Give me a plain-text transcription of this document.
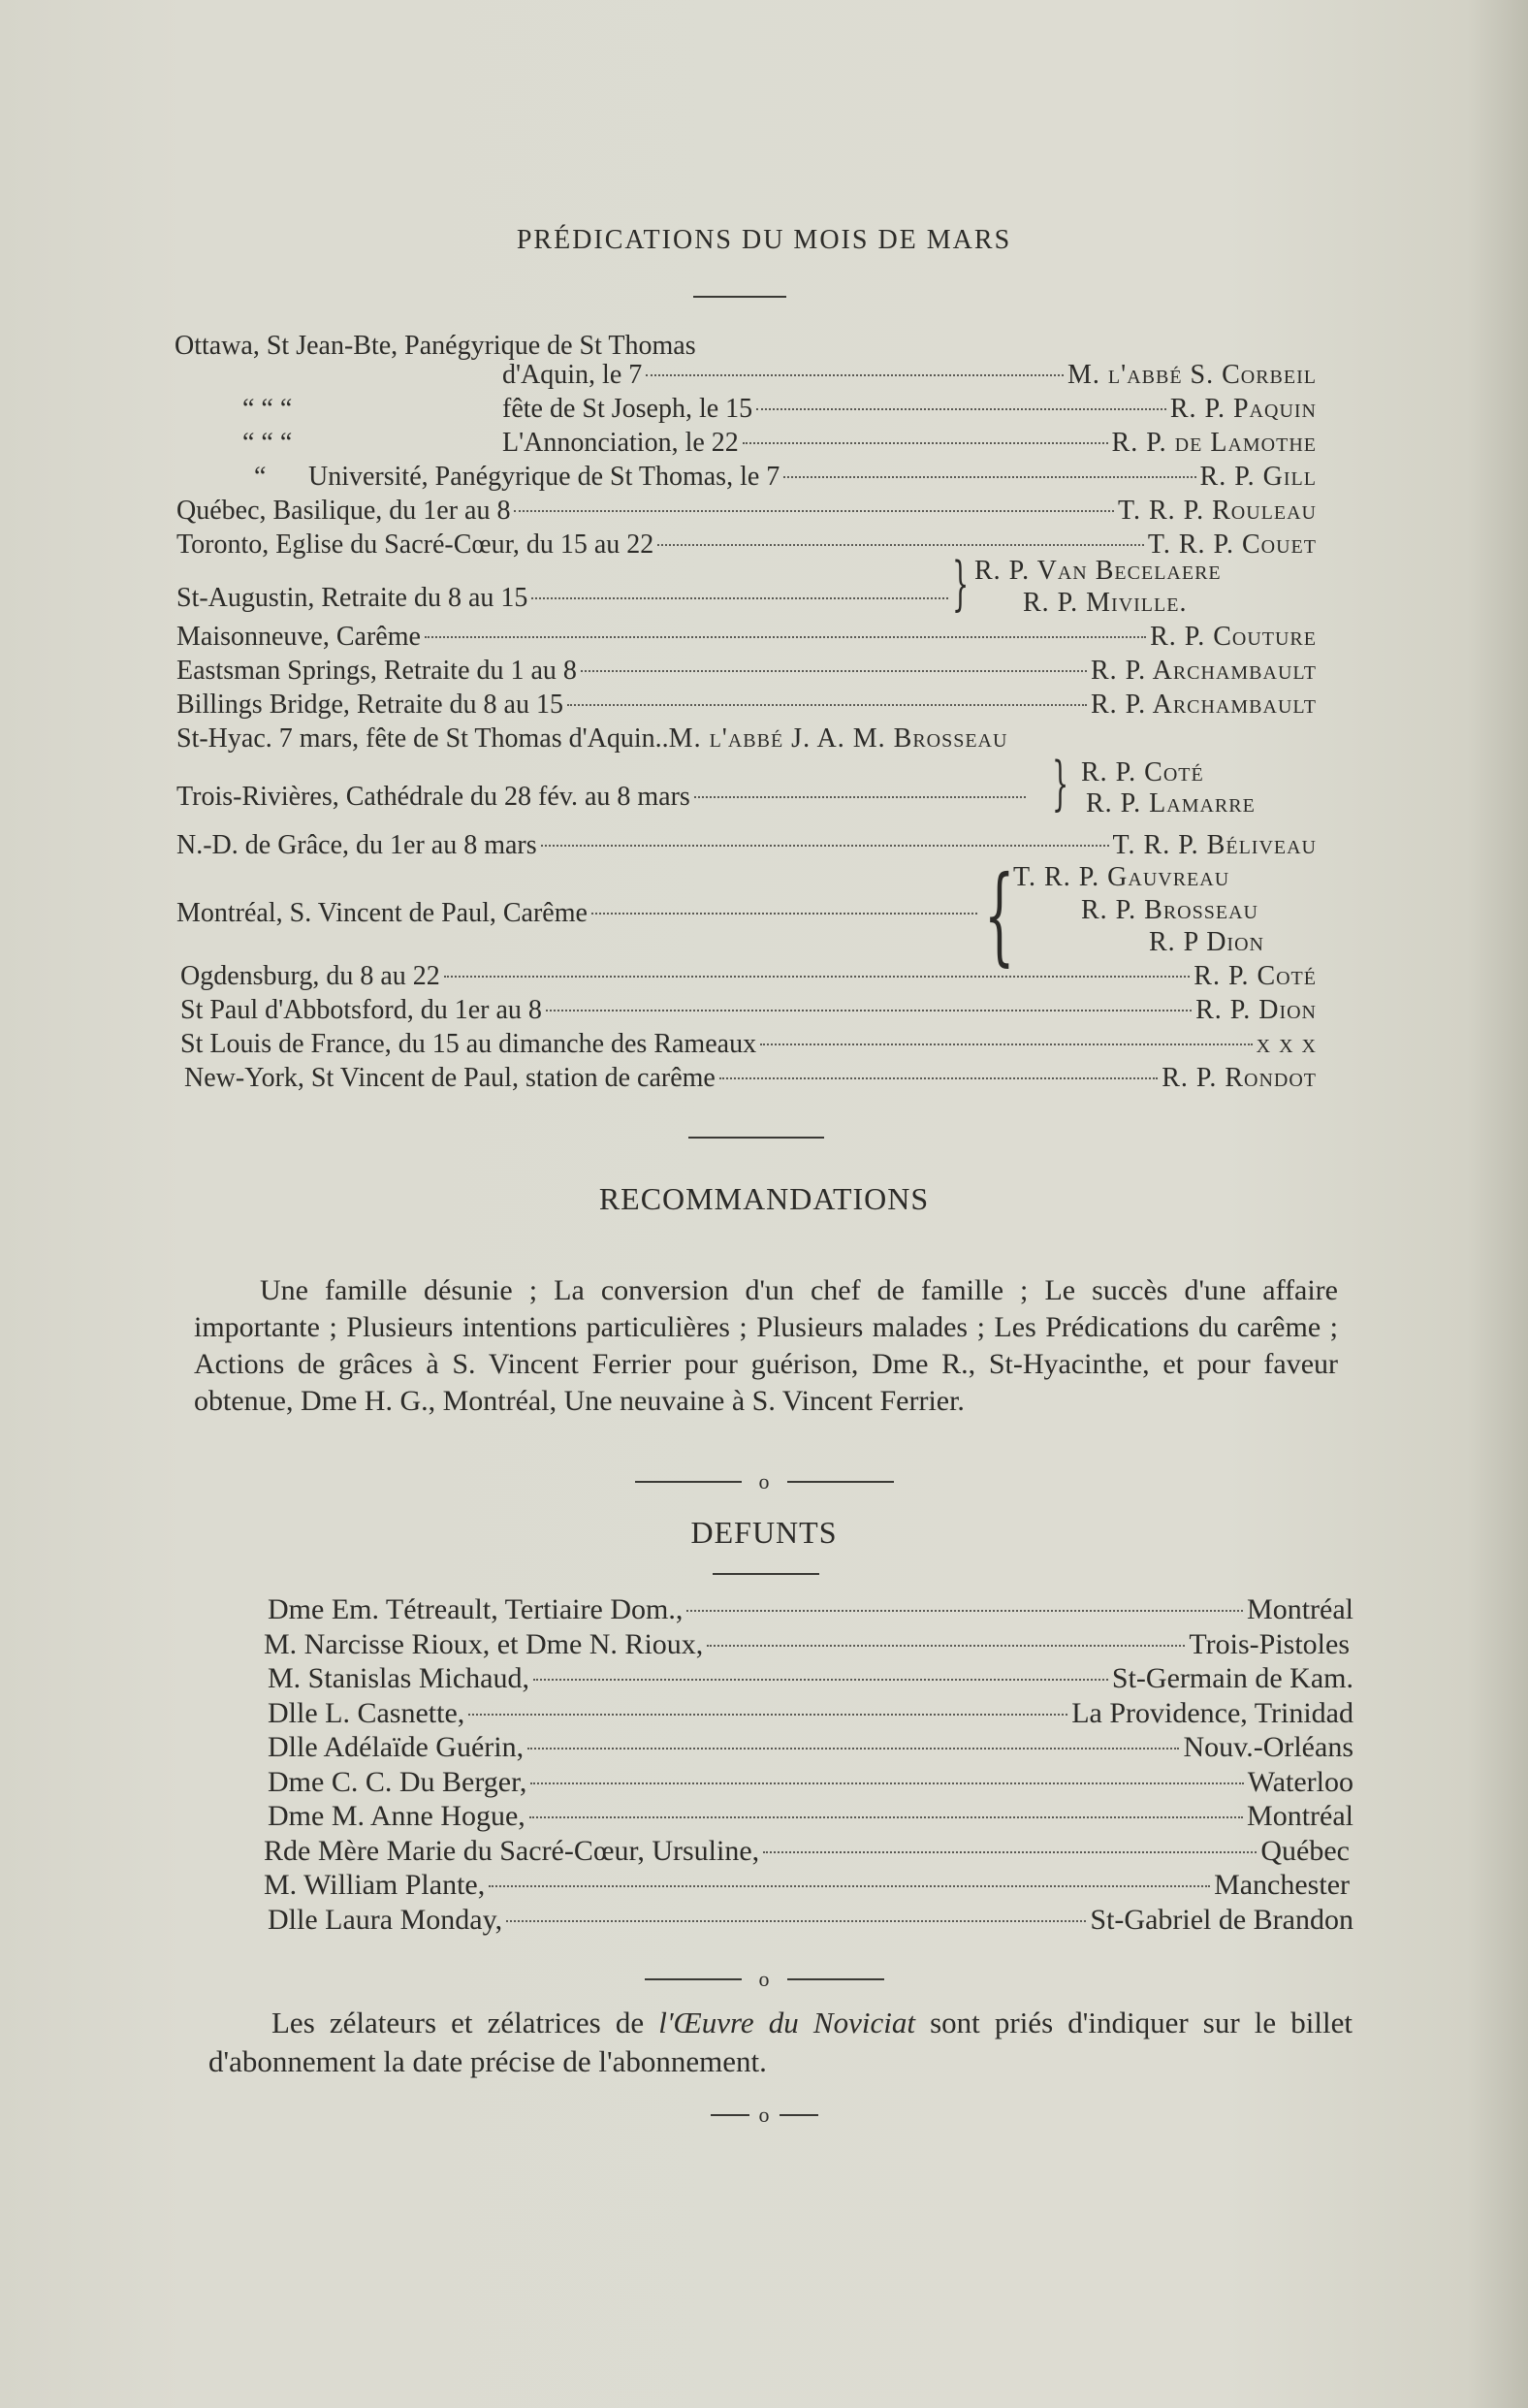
PRÉDICATIONS DU MOIS DE MARS
Ottawa, St Jean-Bte, Panégyrique de St Thomas
d'Aquin, le 7	M. l'abbé S. Corbeil
“ “ “	fête de St Joseph, le 15	R. P. Paquin
“ “ “	L'Annonciation, le 22	R. P. de Lamothe
“ Université, Panégyrique de St Thomas, le 7	R. P. Gill
Québec, Basilique, du 1er au 8	T. R. P. Rouleau
Toronto, Eglise du Sacré-Cœur, du 15 au 22	T. R. P. Couet
St-Augustin, Retraite du 8 au 15	} R. P. Van Becelaere
R. P. Miville.
Maisonneuve, Carême	R. P. Couture
Eastsman Springs, Retraite du 1 au 8	R. P. Archambault
Billings Bridge, Retraite du 8 au 15	R. P. Archambault
St-Hyac. 7 mars, fête de St Thomas d'Aquin.. M. l'abbé J. A. M. Brosseau
R. P. Coté
Trois-Rivières, Cathédrale du 28 fév. au 8 mars	} R. P. Lamarre
N.-D. de Grâce, du 1er au 8 mars	T. R. P. Béliveau
T. R. P. Gauvreau
Montréal, S. Vincent de Paul, Carême	{ R. P. Brosseau
R. P Dion
Ogdensburg, du 8 au 22	R. P. Coté
St Paul d'Abbotsford, du 1er au 8	R. P. Dion
St Louis de France, du 15 au dimanche des Rameaux	x x x
New-York, St Vincent de Paul, station de carême	R. P. Rondot
RECOMMANDATIONS
Une famille désunie ; La conversion d'un chef de famille ; Le succès d'une affaire importante ; Plusieurs intentions particulières ; Plusieurs malades ; Les Prédications du carême ; Actions de grâces à S. Vincent Ferrier pour guérison, Dme R., St-Hyacinthe, et pour faveur obtenue, Dme H. G., Montréal, Une neuvaine à S. Vincent Ferrier.
o
DEFUNTS
Dme Em. Tétreault, Tertiaire Dom.,	Montréal
M. Narcisse Rioux, et Dme N. Rioux,	Trois-Pistoles
M. Stanislas Michaud,	St-Germain de Kam.
Dlle L. Casnette,	La Providence, Trinidad
Dlle Adélaïde Guérin,	Nouv.-Orléans
Dme C. C. Du Berger,	Waterloo
Dme M. Anne Hogue,	Montréal
Rde Mère Marie du Sacré-Cœur, Ursuline,	Québec
M. William Plante,	Manchester
Dlle Laura Monday,	St-Gabriel de Brandon
o
Les zélateurs et zélatrices de l'Œuvre du Noviciat sont priés d'indiquer sur le billet d'abonnement la date précise de l'abonnement.
o
